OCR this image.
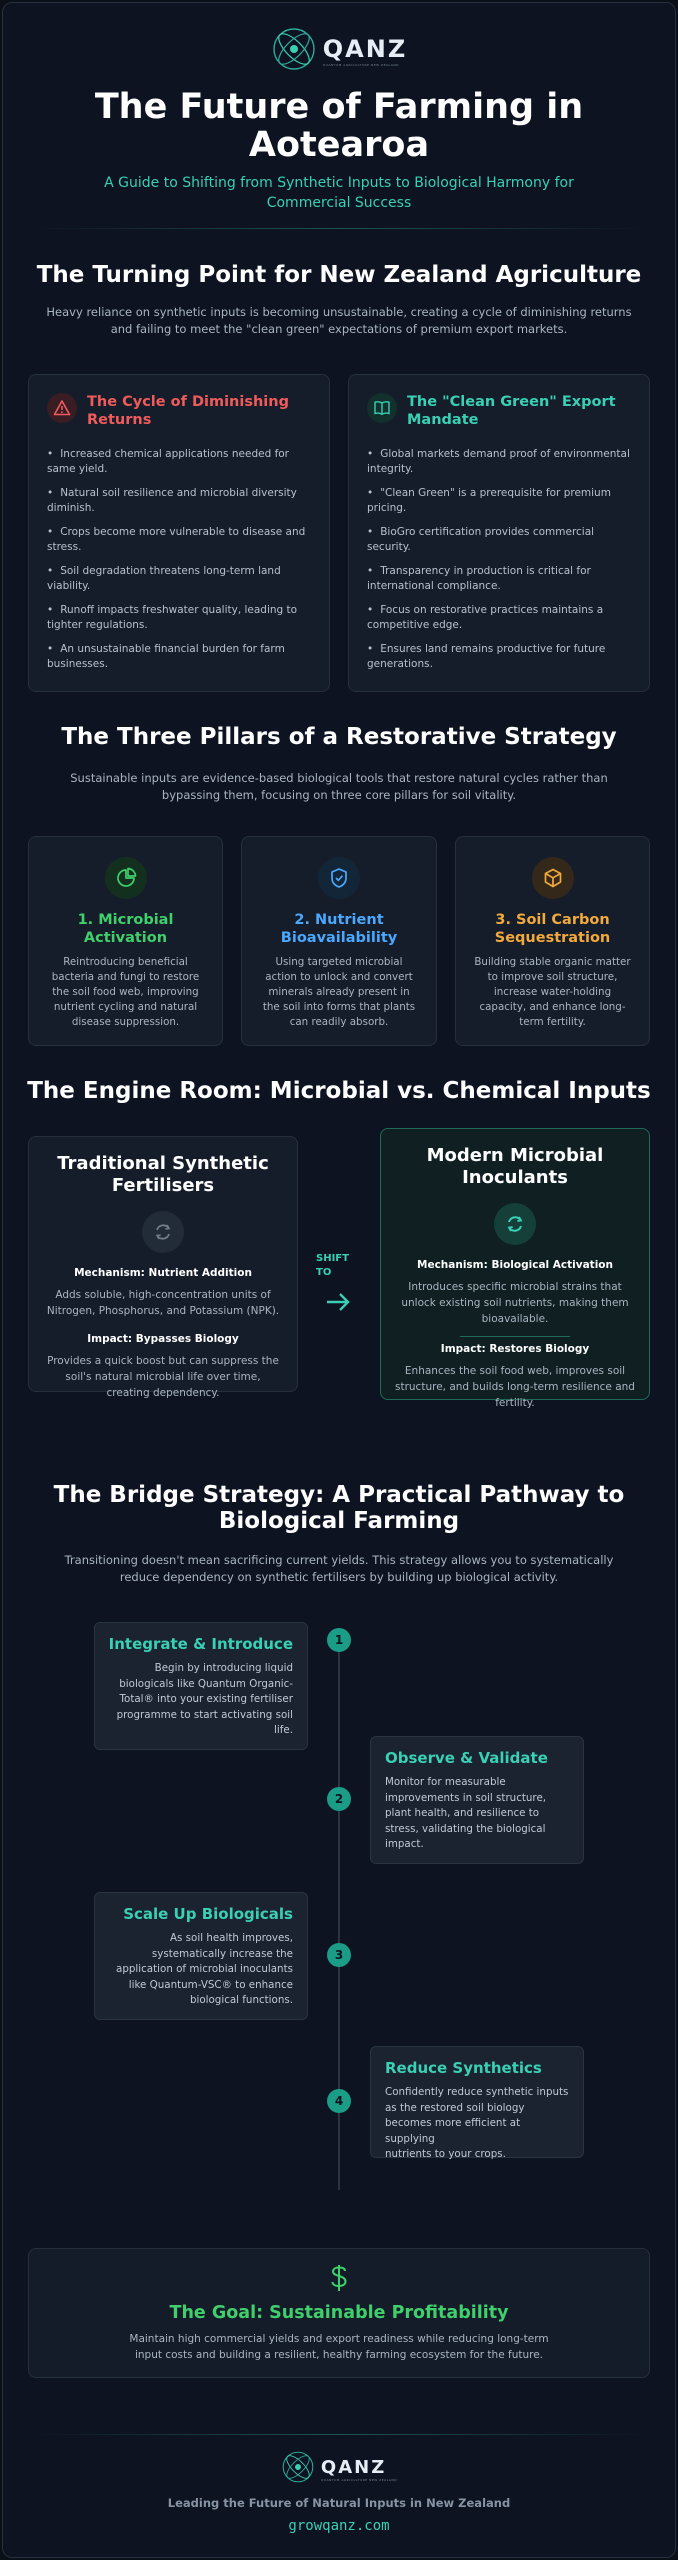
QANZ
QUANTUM AGRICULTURE NEW ZEALAND
The Future of Farming in
Aotearoa
A Guide to Shifting from Synthetic Inputs to Biological Harmony for
Commercial Success
The Turning Point for New Zealand Agriculture
Heavy reliance on synthetic inputs is becoming unsustainable, creating a cycle of diminishing returns
and failing to meet the "clean green" expectations of premium export markets.
The Cycle of Diminishing
Returns
• Increased chemical applications needed for same yield.
• Natural soil resilience and microbial diversity diminish.
• Crops become more vulnerable to disease and stress.
• Soil degradation threatens long-term land viability.
• Runoff impacts freshwater quality, leading to tighter regulations.
• An unsustainable financial burden for farm businesses.
The "Clean Green" Export
Mandate
• Global markets demand proof of environmental integrity.
• "Clean Green" is a prerequisite for premium pricing.
• BioGro certification provides commercial security.
• Transparency in production is critical for international compliance.
• Focus on restorative practices maintains a competitive edge.
• Ensures land remains productive for future generations.
The Three Pillars of a Restorative Strategy
Sustainable inputs are evidence-based biological tools that restore natural cycles rather than
bypassing them, focusing on three core pillars for soil vitality.
1. Microbial
Activation
Reintroducing beneficial
bacteria and fungi to restore
the soil food web, improving
nutrient cycling and natural
disease suppression.
2. Nutrient
Bioavailability
Using targeted microbial
action to unlock and convert
minerals already present in
the soil into forms that plants
can readily absorb.
3. Soil Carbon
Sequestration
Building stable organic matter
to improve soil structure,
increase water-holding
capacity, and enhance long-
term fertility.
The Engine Room: Microbial vs. Chemical Inputs
Traditional Synthetic
Fertilisers
Mechanism: Nutrient Addition
Adds soluble, high-concentration units of
Nitrogen, Phosphorus, and Potassium (NPK).
Impact: Bypasses Biology
Provides a quick boost but can suppress the
soil's natural microbial life over time,
creating dependency.
SHIFT
TO
Modern Microbial
Inoculants
Mechanism: Biological Activation
Introduces specific microbial strains that
unlock existing soil nutrients, making them
bioavailable.
Impact: Restores Biology
Enhances the soil food web, improves soil
structure, and builds long-term resilience and
fertility.
The Bridge Strategy: A Practical Pathway to
Biological Farming
Transitioning doesn't mean sacrificing current yields. This strategy allows you to systematically
reduce dependency on synthetic fertilisers by building up biological activity.
Integrate & Introduce
Begin by introducing liquid
biologicals like Quantum Organic-
Total® into your existing fertiliser
programme to start activating soil
life.
1
Observe & Validate
Monitor for measurable
improvements in soil structure,
plant health, and resilience to
stress, validating the biological
impact.
2
Scale Up Biologicals
As soil health improves,
systematically increase the
application of microbial inoculants
like Quantum-VSC® to enhance
biological functions.
3
Reduce Synthetics
Confidently reduce synthetic inputs
as the restored soil biology
becomes more efficient at supplying
nutrients to your crops.
4
The Goal: Sustainable Profitability
Maintain high commercial yields and export readiness while reducing long-term
input costs and building a resilient, healthy farming ecosystem for the future.
QANZ
QUANTUM AGRICULTURE NEW ZEALAND
Leading the Future of Natural Inputs in New Zealand
growqanz.com
